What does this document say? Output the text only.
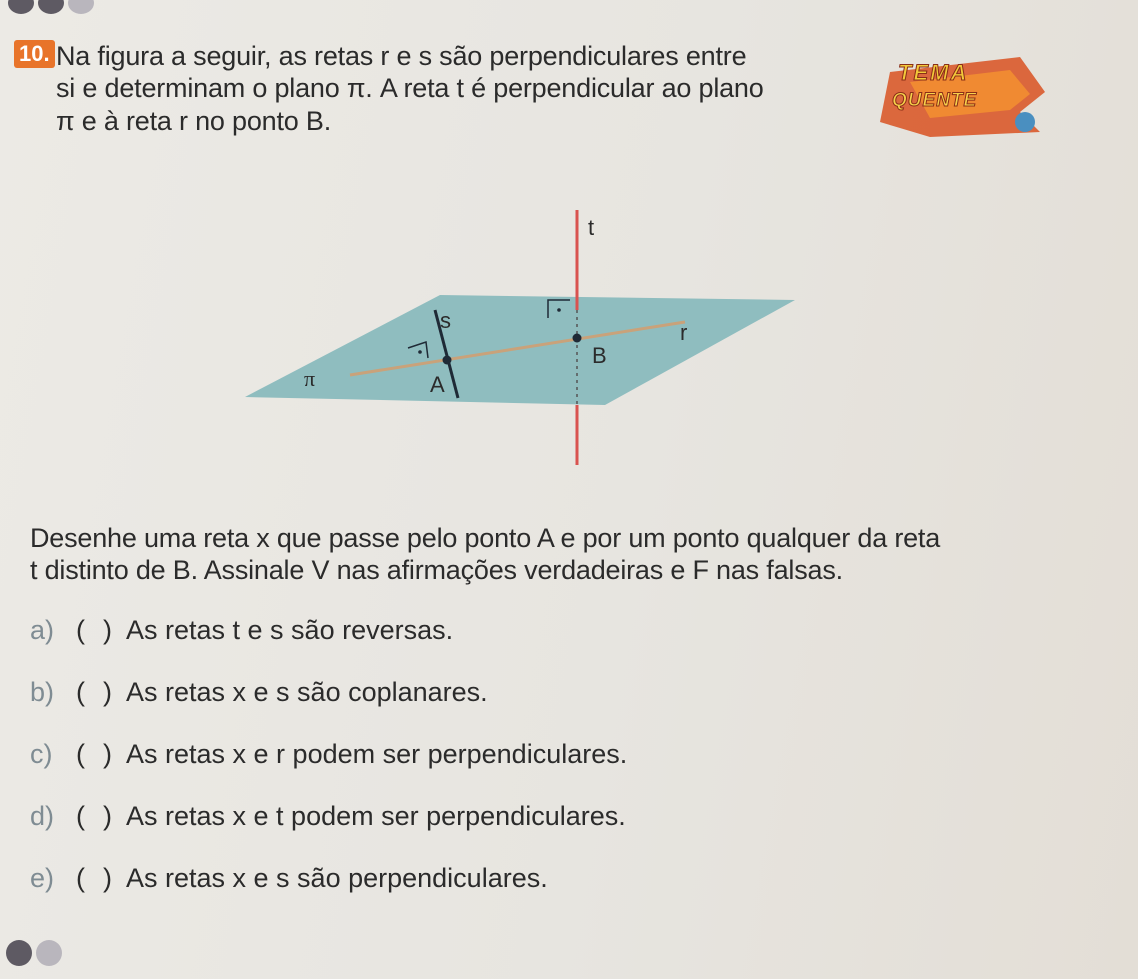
10. Na figura a seguir, as retas r e s são perpendiculares entre
si e determinam o plano π. A reta t é perpendicular ao plano
π e à reta r no ponto B.

TEMA
QUENTE
t
s	r
B
A
π

Desenhe uma reta x que passe pelo ponto A e por um ponto qualquer da reta
t distinto de B. Assinale V nas afirmações verdadeiras e F nas falsas.

a) ( ) As retas t e s são reversas.
b) ( ) As retas x e s são coplanares.
c) ( ) As retas x e r podem ser perpendiculares.
d) ( ) As retas x e t podem ser perpendiculares.
e) ( ) As retas x e s são perpendiculares.
